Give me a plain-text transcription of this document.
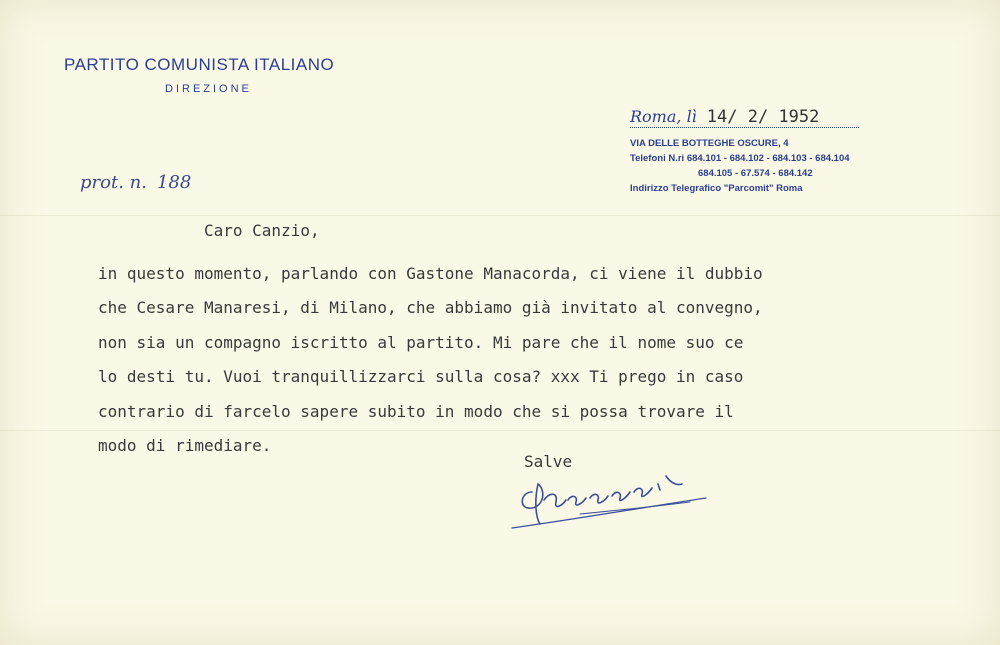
PARTITO COMUNISTA ITALIANO
DIREZIONE
Roma, lì 14/ 2/ 1952
VIA DELLE BOTTEGHE OSCURE, 4
Telefoni N.ri 684.101 - 684.102 - 684.103 - 684.104
684.105 - 67.574 - 684.142
Indirizzo Telegrafico "Parcomit" Roma
prot. n. 188
Caro Canzio,
in questo momento, parlando con Gastone Manacorda, ci viene il dubbio
che Cesare Manaresi, di Milano, che abbiamo già invitato al convegno,
non sia un compagno iscritto al partito. Mi pare che il nome suo ce
lo desti tu. Vuoi tranquillizzarci sulla cosa? xxx Ti prego in caso
contrario di farcelo sapere subito in modo che si possa trovare il
modo di rimediare.
Salve
